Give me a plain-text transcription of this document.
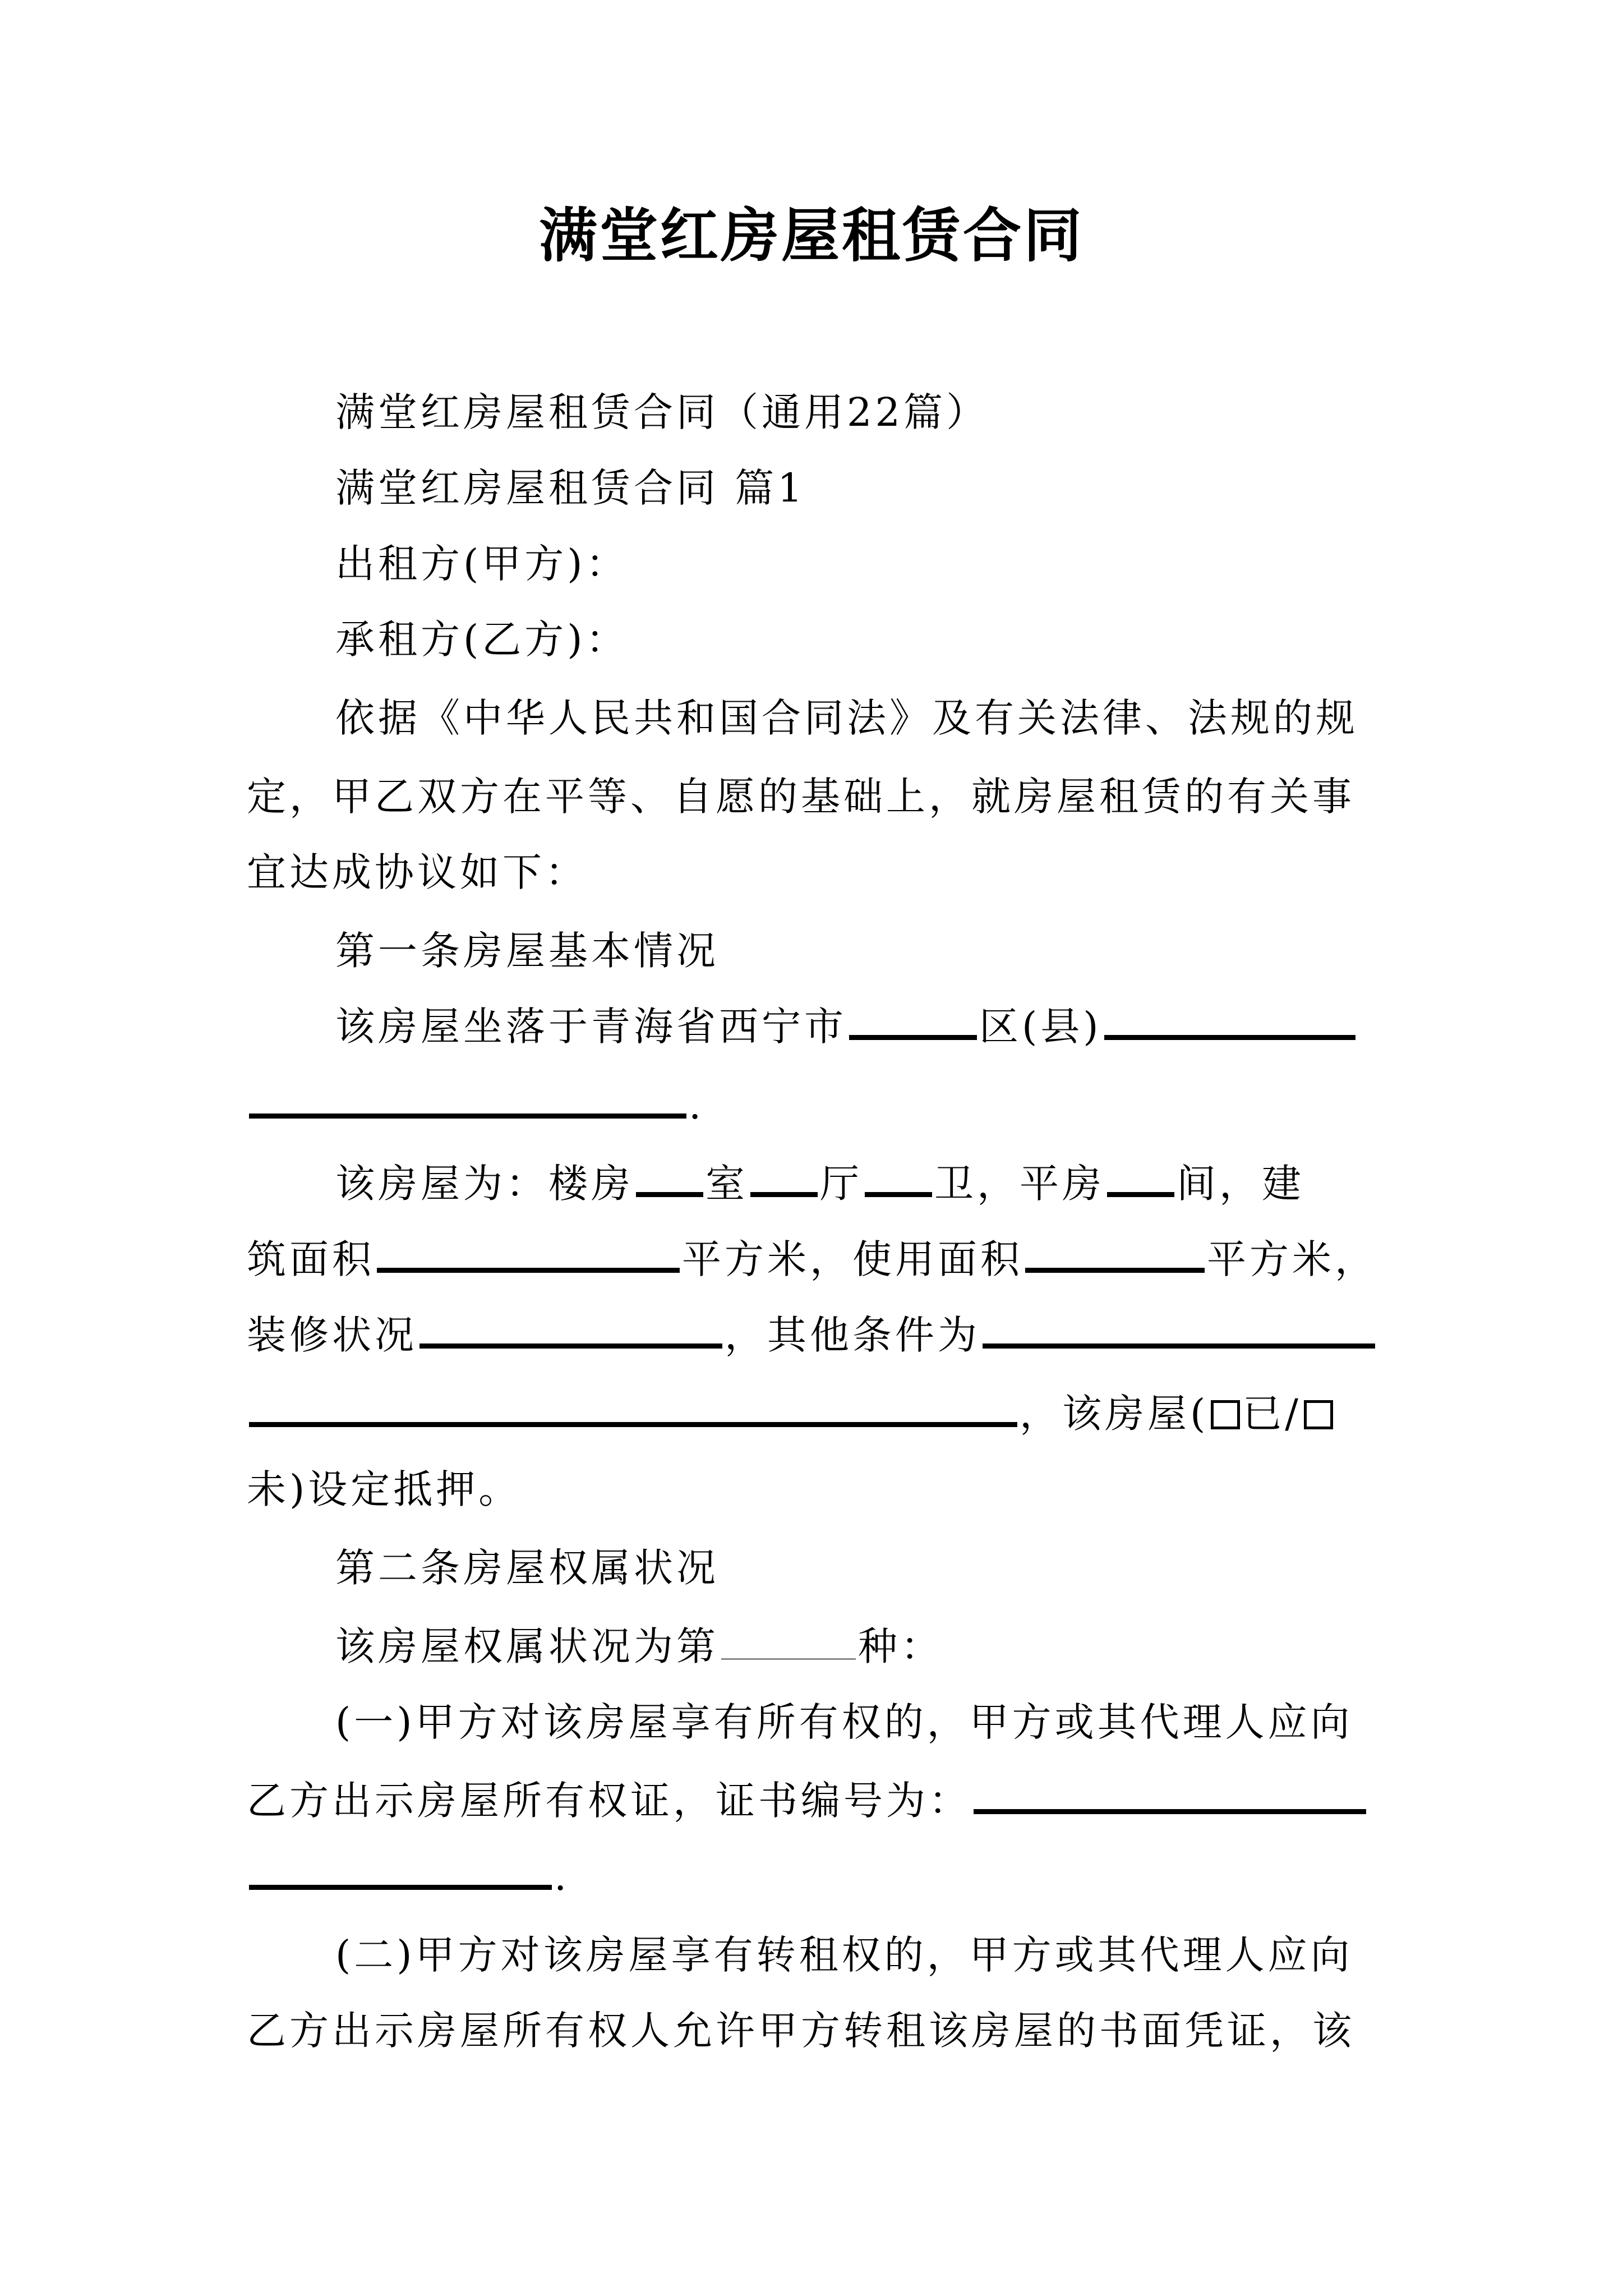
满堂红房屋租赁合同
满堂红房屋租赁合同（通用22篇）
满堂红房屋租赁合同 篇1
出租方(甲方)：
承租方(乙方)：
依据《中华人民共和国合同法》及有关法律、法规的规
定，甲乙双方在平等、自愿的基础上，就房屋租赁的有关事
宜达成协议如下：
第一条房屋基本情况
该房屋坐落于青海省西宁市	区(县)
.
该房屋为：楼房 室 厅 卫，平房 间，建
筑面积	平方米，使用面积	平方米，
装修状况	，其他条件为
，该房屋( 已/
未)设定抵押。
第二条房屋权属状况
该房屋权属状况为第	种：
(一)甲方对该房屋享有所有权的，甲方或其代理人应向
乙方出示房屋所有权证，证书编号为：
.
(二)甲方对该房屋享有转租权的，甲方或其代理人应向
乙方出示房屋所有权人允许甲方转租该房屋的书面凭证，该
